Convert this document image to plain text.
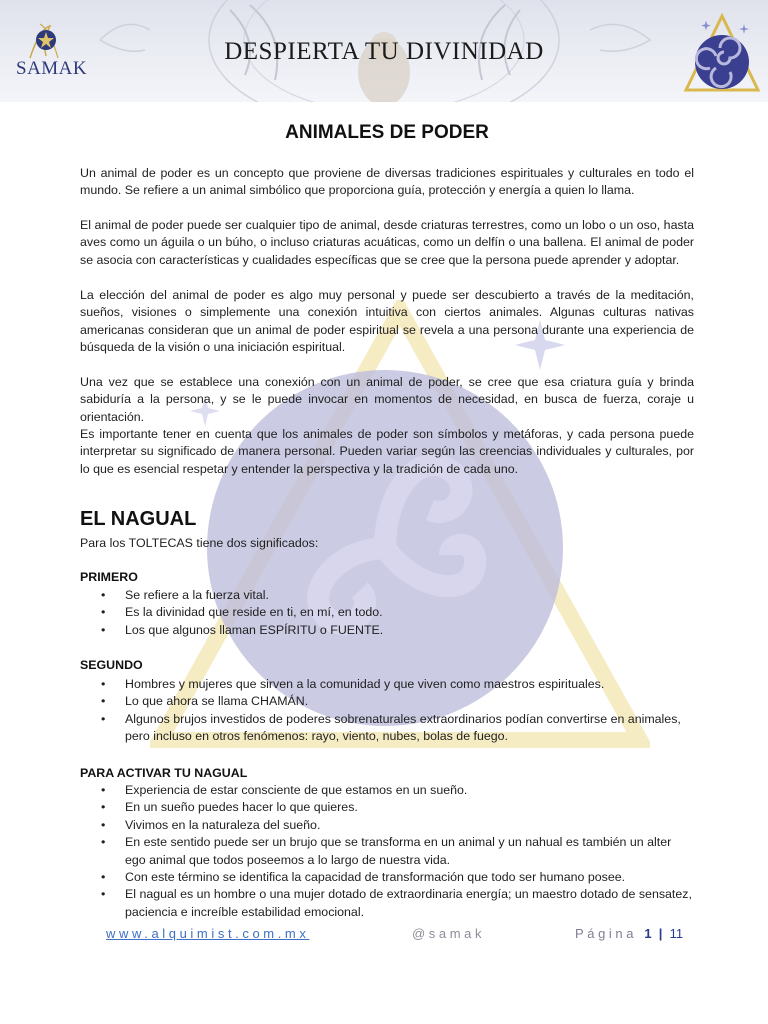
DESPIERTA TU DIVINIDAD
SAMAK
ANIMALES DE PODER

Un animal de poder es un concepto que proviene de diversas tradiciones espirituales y culturales en todo el mundo. Se refiere a un animal simbólico que proporciona guía, protección y energía a quien lo llama.

El animal de poder puede ser cualquier tipo de animal, desde criaturas terrestres, como un lobo o un oso, hasta aves como un águila o un búho, o incluso criaturas acuáticas, como un delfín o una ballena. El animal de poder se asocia con características y cualidades específicas que se cree que la persona puede aprender y adoptar.

La elección del animal de poder es algo muy personal y puede ser descubierto a través de la meditación, sueños, visiones o simplemente una conexión intuitiva con ciertos animales. Algunas culturas nativas americanas consideran que un animal de poder espiritual se revela a una persona durante una experiencia de búsqueda de la visión o una iniciación espiritual.

Una vez que se establece una conexión con un animal de poder, se cree que esa criatura guía y brinda sabiduría a la persona, y se le puede invocar en momentos de necesidad, en busca de fuerza, coraje u orientación.

Es importante tener en cuenta que los animales de poder son símbolos y metáforas, y cada persona puede interpretar su significado de manera personal. Pueden variar según las creencias individuales y culturales, por lo que es esencial respetar y entender la perspectiva y la tradición de cada uno.

EL NAGUAL
Para los TOLTECAS tiene dos significados:
PRIMERO
• Se refiere a la fuerza vital.
• Es la divinidad que reside en ti, en mí, en todo.
• Los que algunos llaman ESPÍRITU o FUENTE.
SEGUNDO
• Hombres y mujeres que sirven a la comunidad y que viven como maestros espirituales.
• Lo que ahora se llama CHAMÁN.
• Algunos brujos investidos de poderes sobrenaturales extraordinarios podían convertirse en animales, pero incluso en otros fenómenos: rayo, viento, nubes, bolas de fuego.
PARA ACTIVAR TU NAGUAL
• Experiencia de estar consciente de que estamos en un sueño.
• En un sueño puedes hacer lo que quieres.
• Vivimos en la naturaleza del sueño.
• En este sentido puede ser un brujo que se transforma en un animal y un nahual es también un alter ego animal que todos poseemos a lo largo de nuestra vida.
• Con este término se identifica la capacidad de transformación que todo ser humano posee.
• El nagual es un hombre o una mujer dotado de extraordinaria energía; un maestro dotado de sensatez, paciencia e increíble estabilidad emocional.
www.alquimist.com.mx	@samak	Página 1 | 11
